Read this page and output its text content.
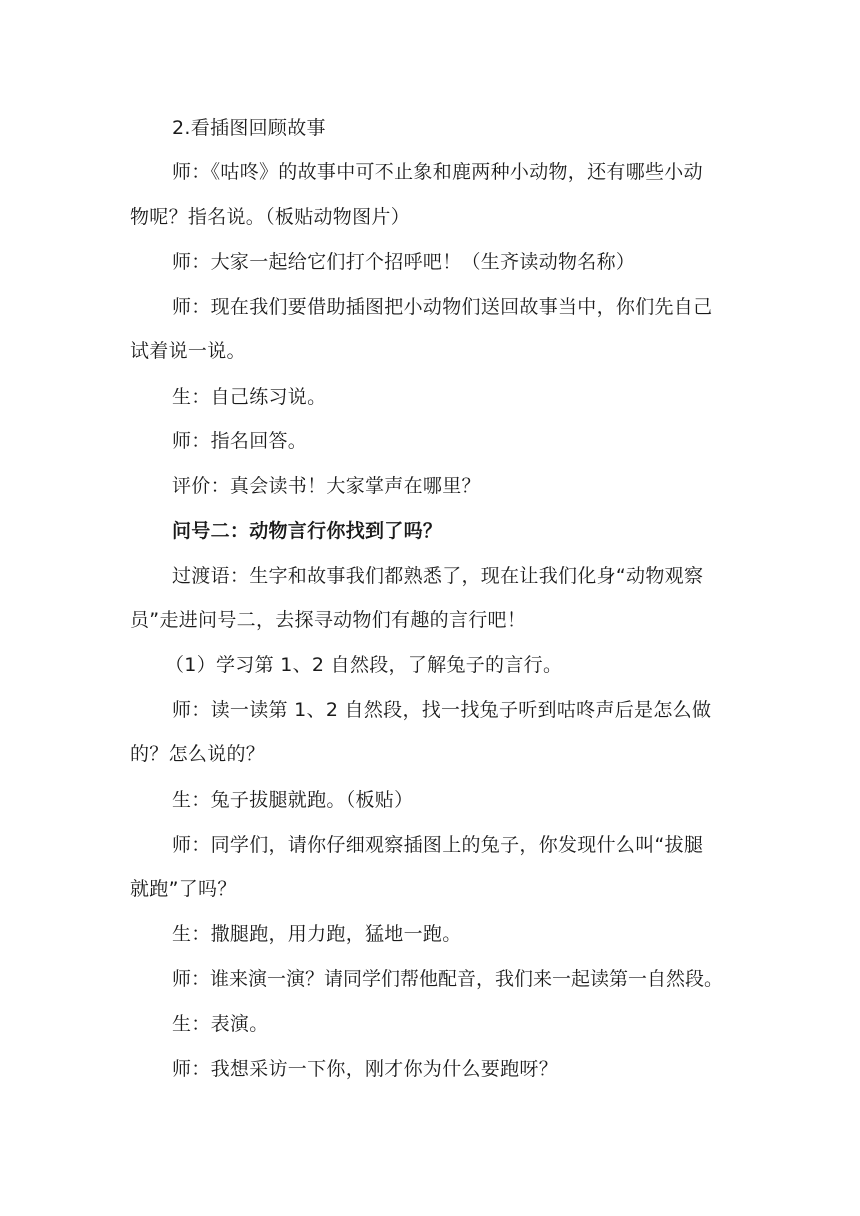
2.看插图回顾故事
师：《咕咚》的故事中可不止象和鹿两种小动物，还有哪些小动
物呢？指名说。（板贴动物图片）
师：大家一起给它们打个招呼吧！（生齐读动物名称）
师：现在我们要借助插图把小动物们送回故事当中，你们先自己
试着说一说。
生：自己练习说。
师：指名回答。
评价：真会读书！大家掌声在哪里？
问号二：动物言行你找到了吗？
过渡语：生字和故事我们都熟悉了，现在让我们化身“动物观察
员”走进问号二，去探寻动物们有趣的言行吧！
（1）学习第 1、2 自然段，了解兔子的言行。
师：读一读第 1、2 自然段，找一找兔子听到咕咚声后是怎么做
的？怎么说的？
生：兔子拔腿就跑。（板贴）
师：同学们，请你仔细观察插图上的兔子，你发现什么叫“拔腿
就跑”了吗？
生：撒腿跑，用力跑，猛地一跑。
师：谁来演一演？请同学们帮他配音，我们来一起读第一自然段。
生：表演。
师：我想采访一下你，刚才你为什么要跑呀？
